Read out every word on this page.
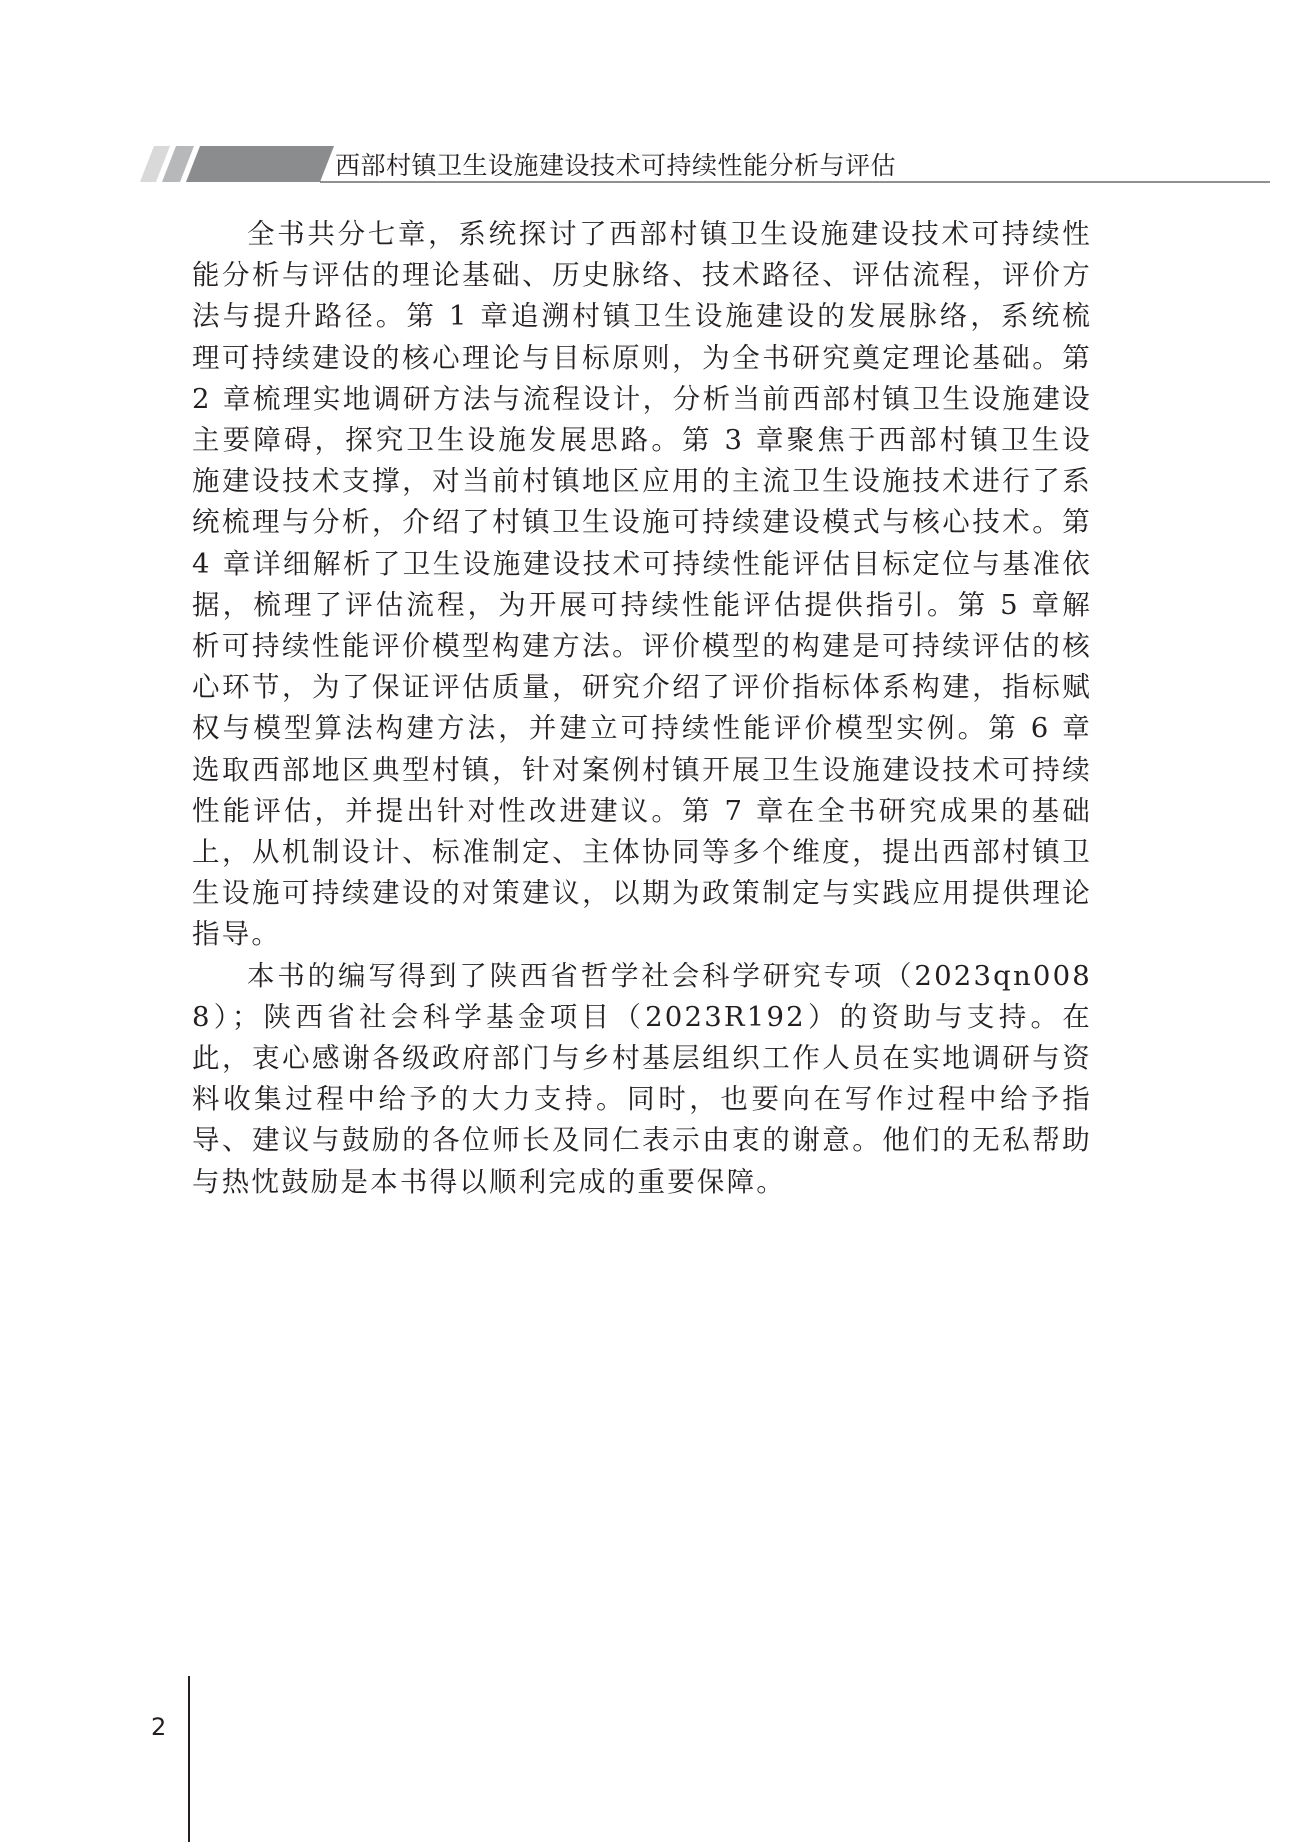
西部村镇卫生设施建设技术可持续性能分析与评估

全书共分七章，系统探讨了西部村镇卫生设施建设技术可持续性能分析与评估的理论基础、历史脉络、技术路径、评估流程，评价方法与提升路径。第 1 章追溯村镇卫生设施建设的发展脉络，系统梳理可持续建设的核心理论与目标原则，为全书研究奠定理论基础。第 2 章梳理实地调研方法与流程设计，分析当前西部村镇卫生设施建设主要障碍，探究卫生设施发展思路。第 3 章聚焦于西部村镇卫生设施建设技术支撑，对当前村镇地区应用的主流卫生设施技术进行了系统梳理与分析，介绍了村镇卫生设施可持续建设模式与核心技术。第 4 章详细解析了卫生设施建设技术可持续性能评估目标定位与基准依据，梳理了评估流程，为开展可持续性能评估提供指引。第 5 章解析可持续性能评价模型构建方法。评价模型的构建是可持续评估的核心环节，为了保证评估质量，研究介绍了评价指标体系构建，指标赋权与模型算法构建方法，并建立可持续性能评价模型实例。第 6 章选取西部地区典型村镇，针对案例村镇开展卫生设施建设技术可持续性能评估，并提出针对性改进建议。第 7 章在全书研究成果的基础上，从机制设计、标准制定、主体协同等多个维度，提出西部村镇卫生设施可持续建设的对策建议，以期为政策制定与实践应用提供理论指导。

本书的编写得到了陕西省哲学社会科学研究专项（2023qn0088）；陕西省社会科学基金项目（2023R192）的资助与支持。在此，衷心感谢各级政府部门与乡村基层组织工作人员在实地调研与资料收集过程中给予的大力支持。同时，也要向在写作过程中给予指导、建议与鼓励的各位师长及同仁表示由衷的谢意。他们的无私帮助与热忱鼓励是本书得以顺利完成的重要保障。

2
